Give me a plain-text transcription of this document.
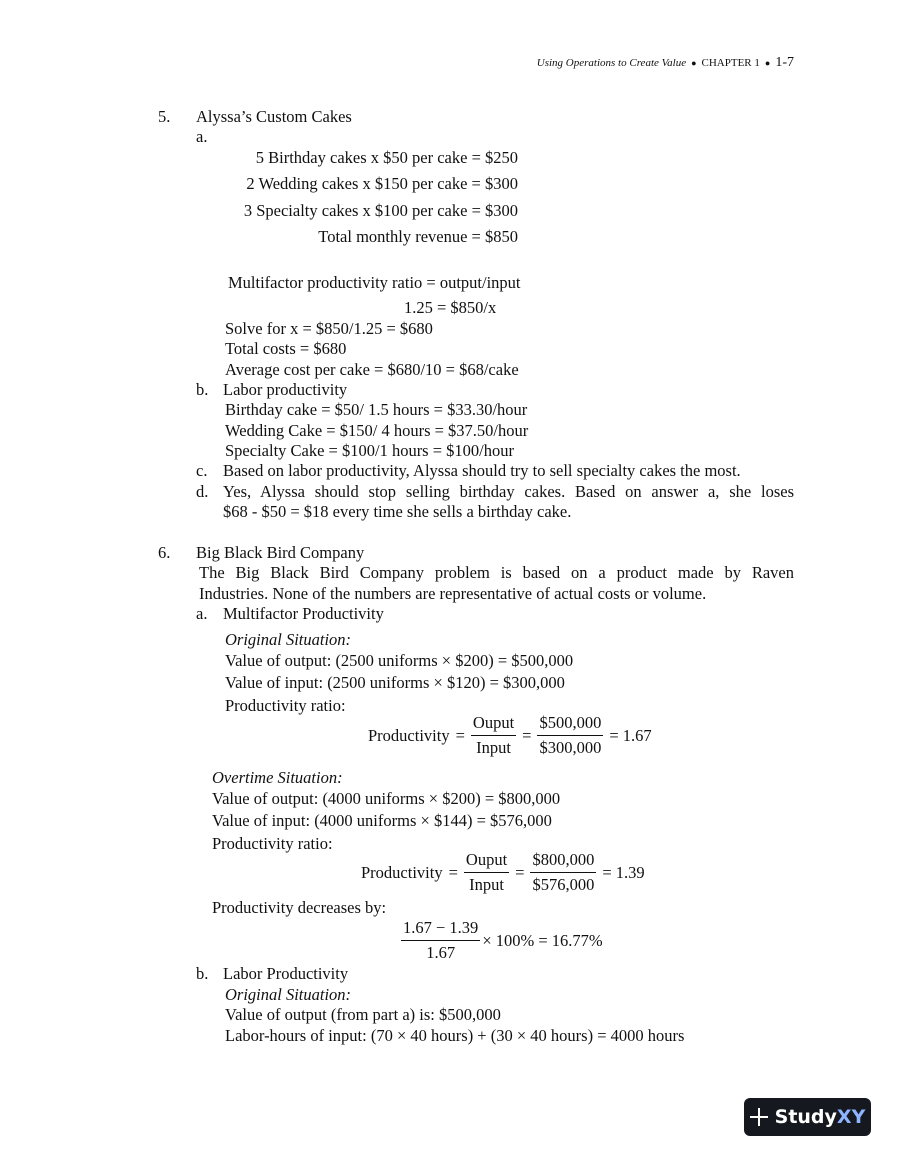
Using Operations to Create Value ● CHAPTER 1 ● 1-7
5. Alyssa’s Custom Cakes
a.
5 Birthday cakes x $50 per cake = $250
2 Wedding cakes x $150 per cake = $300
3 Specialty cakes x $100 per cake = $300
Total monthly revenue = $850
Multifactor productivity ratio = output/input
1.25 = $850/x
Solve for x = $850/1.25 = $680
Total costs = $680
Average cost per cake = $680/10 = $68/cake
b. Labor productivity
Birthday cake = $50/ 1.5 hours = $33.30/hour
Wedding Cake = $150/ 4 hours = $37.50/hour
Specialty Cake = $100/1 hours = $100/hour
c. Based on labor productivity, Alyssa should try to sell specialty cakes the most.
d. Yes, Alyssa should stop selling birthday cakes. Based on answer a, she loses
$68 - $50 = $18 every time she sells a birthday cake.
6. Big Black Bird Company
The Big Black Bird Company problem is based on a product made by Raven
Industries. None of the numbers are representative of actual costs or volume.
a. Multifactor Productivity
Original Situation:
Value of output: (2500 uniforms × $200) = $500,000
Value of input: (2500 uniforms × $120) = $300,000
Productivity ratio:
Productivity = $\frac{\text{Ouput}}{\text{Input}} = \frac{\$500,000}{\$300,000} = 1.67$
Overtime Situation:
Value of output: (4000 uniforms × $200) = $800,000
Value of input: (4000 uniforms × $144) = $576,000
Productivity ratio:
Productivity = $\frac{\text{Ouput}}{\text{Input}} = \frac{\$800,000}{\$576,000} = 1.39$
Productivity decreases by:
$\frac{1.67 - 1.39}{1.67} \times 100\% = 16.77\%$
b. Labor Productivity
Original Situation:
Value of output (from part a) is: $500,000
Labor-hours of input: (70 × 40 hours) + (30 × 40 hours) = 4000 hours
Study XY
